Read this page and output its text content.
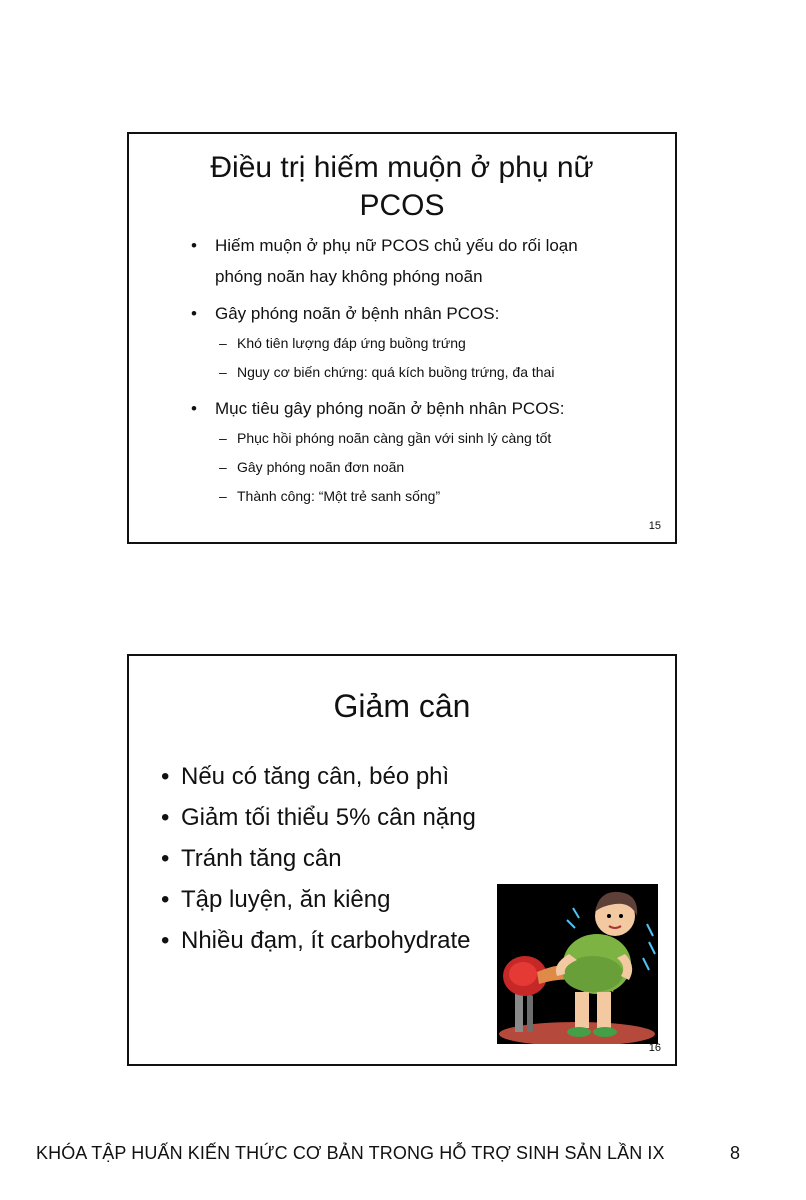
Điều trị hiếm muộn ở phụ nữ
PCOS
• Hiếm muộn ở phụ nữ PCOS chủ yếu do rối loạn
phóng noãn hay không phóng noãn
• Gây phóng noãn ở bệnh nhân PCOS:
– Khó tiên lượng đáp ứng buồng trứng
– Nguy cơ biến chứng: quá kích buồng trứng, đa thai
• Mục tiêu gây phóng noãn ở bệnh nhân PCOS:
– Phục hồi phóng noãn càng gần với sinh lý càng tốt
– Gây phóng noãn đơn noãn
– Thành công: “Một trẻ sanh sống”
15
Giảm cân
• Nếu có tăng cân, béo phì
• Giảm tối thiểu 5% cân nặng
• Tránh tăng cân
• Tập luyện, ăn kiêng
• Nhiều đạm, ít carbohydrate
16
KHÓA TẬP HUẤN KIẾN THỨC CƠ BẢN TRONG HỖ TRỢ SINH SẢN LẦN IX	8
